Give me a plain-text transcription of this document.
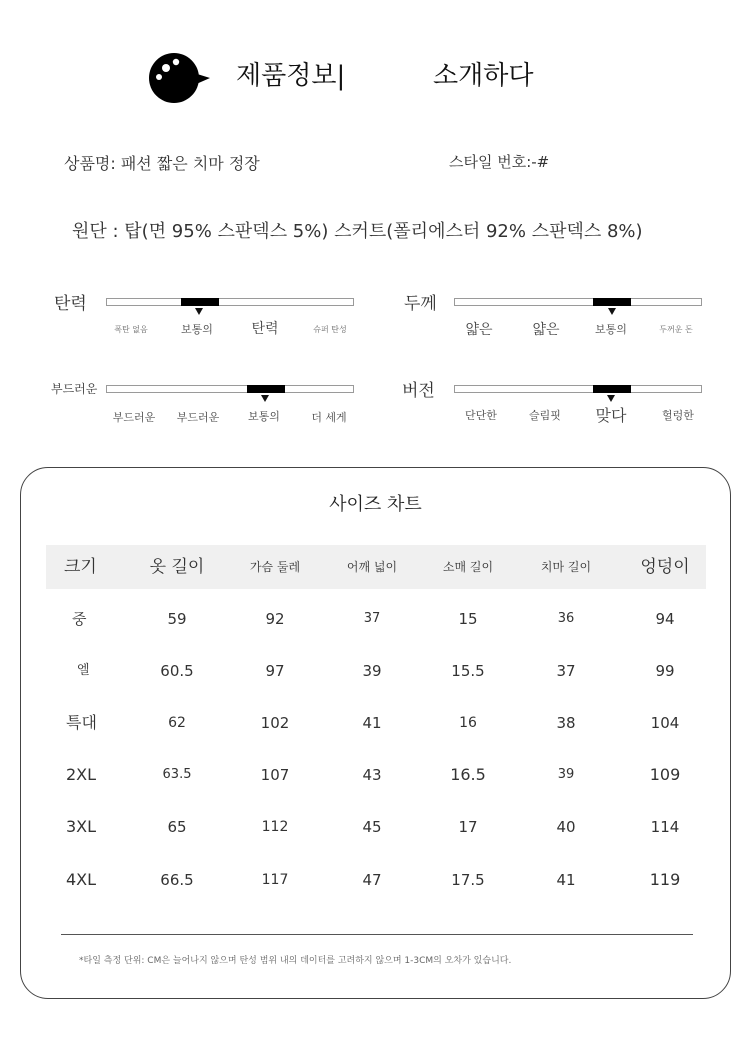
제품정보|	소개하다
상품명: 패션 짧은 치마 정장	스타일 번호:-#
원단 : 탑(면 95% 스판덱스 5%) 스커트(폴리에스터 92% 스판덱스 8%)
탄력
폭탄 없음	보통의	탄력	슈퍼 탄성
두께
얇은	얇은	보통의	두꺼운 돈
부드러운
부드러운 부드러운	보통의	더 세게
버전
단단한	슬림핏 맞다	헐렁한
사이즈 차트
크기	옷 길이	가슴 둘레	어깨 넓이	소매 길이	치마 길이	엉덩이
중	59	92	37	15	36	94
엘	60.5	97	39	15.5	37	99
특대	62	102	41	16	38	104
2XL	63.5	107	43	16.5	39	109
3XL	65	112	45	17	40	114
4XL	66.5	117	47	17.5	41	119
*타일 측정 단위: CM은 늘어나지 않으며 탄성 범위 내의 데이터를 고려하지 않으며 1-3CM의 오차가 있습니다.
